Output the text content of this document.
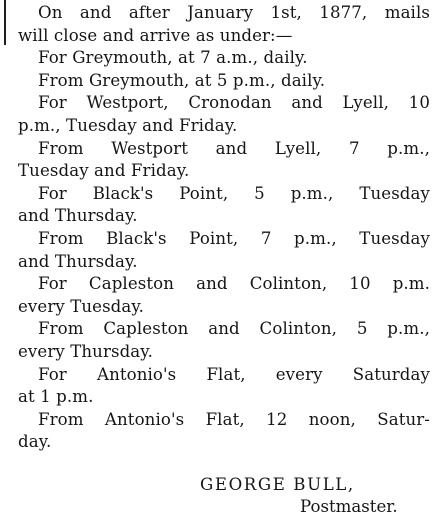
On and after January 1st, 1877, mails
will close and arrive as under:—
For Greymouth, at 7 a.m., daily.
From Greymouth, at 5 p.m., daily.
For Westport, Cronodan and Lyell, 10
p.m., Tuesday and Friday.
From Westport and Lyell, 7 p.m.,
Tuesday and Friday.
For Black's Point, 5 p.m., Tuesday
and Thursday.
From Black's Point, 7 p.m., Tuesday
and Thursday.
For Capleston and Colinton, 10 p.m.
every Tuesday.
From Capleston and Colinton, 5 p.m.,
every Thursday.
For Antonio's Flat, every Saturday
at 1 p.m.
From Antonio's Flat, 12 noon, Satur-
day.
GEORGE BULL,
Postmaster.
